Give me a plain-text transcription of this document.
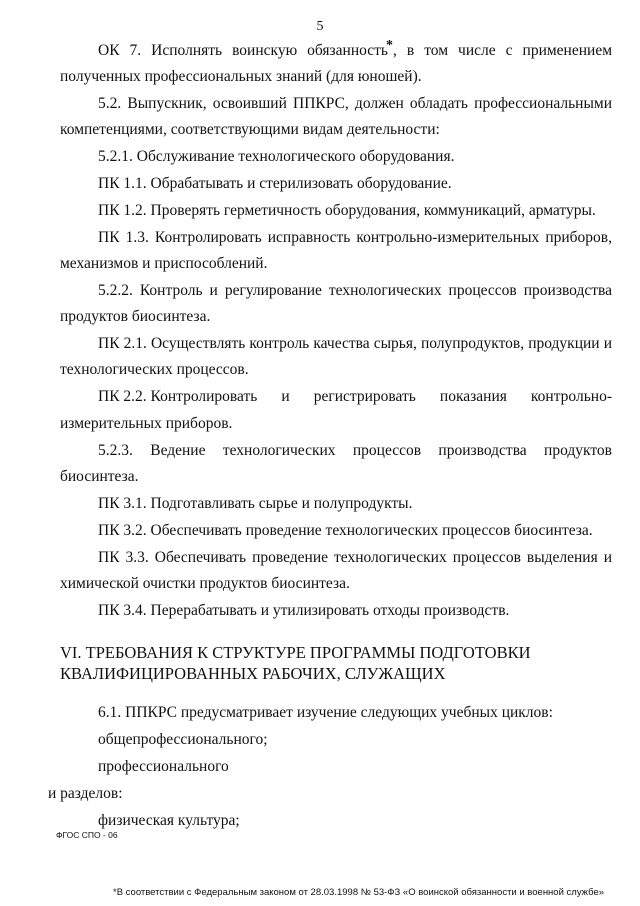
5

ОК 7. Исполнять воинскую обязанность*, в том числе с применением полученных профессиональных знаний (для юношей).

5.2. Выпускник, освоивший ППКРС, должен обладать профессиональными компетенциями, соответствующими видам деятельности:

5.2.1. Обслуживание технологического оборудования.

ПК 1.1. Обрабатывать и стерилизовать оборудование.

ПК 1.2. Проверять герметичность оборудования, коммуникаций, арматуры.

ПК 1.3. Контролировать исправность контрольно-измерительных приборов, механизмов и приспособлений.

5.2.2. Контроль и регулирование технологических процессов производства продуктов биосинтеза.

ПК 2.1. Осуществлять контроль качества сырья, полупродуктов, продукции и технологических процессов.

ПК 2.2. Контролировать и регистрировать показания контрольно-

измерительных приборов.

5.2.3. Ведение технологических процессов производства продуктов биосинтеза.

ПК 3.1. Подготавливать сырье и полупродукты.

ПК 3.2. Обеспечивать проведение технологических процессов биосинтеза.

ПК 3.3. Обеспечивать проведение технологических процессов выделения и химической очистки продуктов биосинтеза.

ПК 3.4. Перерабатывать и утилизировать отходы производств.

VI. ТРЕБОВАНИЯ К СТРУКТУРЕ ПРОГРАММЫ ПОДГОТОВКИ
КВАЛИФИЦИРОВАННЫХ РАБОЧИХ, СЛУЖАЩИХ

6.1. ППКРС предусматривает изучение следующих учебных циклов:

общепрофессионального;

профессионального

и разделов:

физическая культура;

ФГОС СПО - 06
*В соответствии с Федеральным законом от 28.03.1998 № 53-ФЗ «О воинской обязанности и военной службе»
